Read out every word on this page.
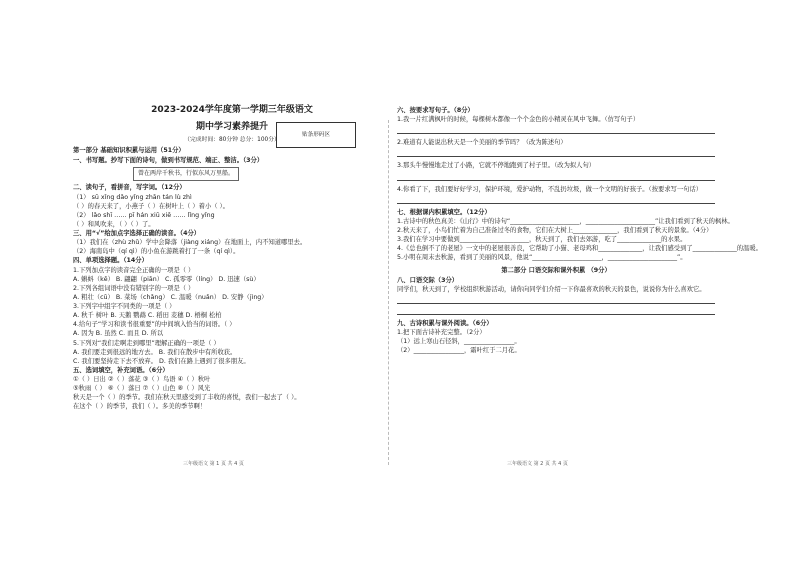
2023-2024学年度第一学期三年级语文
期中学习素养提升
（完成时间：80分钟 总分：100分）
贴条形码区
第一部分 基础知识积累与运用（51分）
一、书写题。抄写下面的诗句，做到书写规范、端正、整洁。（3分）
曾在两岸千秋书，行似东风万里船。
二、读句子，看拼音，写字词。（12分）
（1） sū xǐng dǎo yǐng zhān tán lù zhì
（ ）的春天来了，小燕子（ ）在树叶上（ ）着小（ ）。
（2） lǎo shī …… pī hán xiū xiē …… lǐng yǐng
（ ）和风吹来，（ ）（ ）了。
三、用“√”给加点字选择正确的读音。（4分）
（1）我们在（zhù zhǔ）学中会降落（jiàng xiáng）在地面上，内不知道哪里去。
（2）海南岛中（qí qì）的小鱼在游跳着打了一条（qí qì）。
四、单项选择题。（14分）
1.下列加点字的读音完全正确的一项是（ ）
A. 蝌蚪（kē） B. 翩翩（piān） C. 孤零零（líng） D. 迅速（sù）
2.下列各组词语中没有错别字的一项是（ ）
A. 粗壮（cū） B. 菜场（chǎng） C. 温暖（nuǎn） D. 安静（jìng）
3.下列字中组字不同类的一项是（ ）
A. 秋千 树叶 B. 天鹅 鹦鹉 C. 稻田 麦穗 D. 梧桐 松柏
4.给句子“学习和读书很重要”的中间填入恰当的词语。（ ）
A. 因为 B. 虽然 C. 而且 D. 所以
5.下列对“我们走啊走到哪里”理解正确的一项是（ ）
A. 我们要走到很远的地方去。 B. 我们在散步中有所收获。
C. 我们要坚持走下去不放弃。 D. 我们在路上遇到了很多朋友。
五、选词填空，补充词语。（6分）
①（ ）日出 ②（ ）落花 ③（ ）鸟语 ④（ ）秋叶
⑤秋雨（ ） ⑥（ ）落日 ⑦（ ）山色 ⑧（ ）风光
秋天是一个（ ）的季节。我们在秋天里感受到了丰收的喜悦，我们一起去了（ ）。
在这个（ ）的季节，我们（ ）。多美的季节啊！
三年级语文 第 1 页 共 4 页
六、按要求写句子。（8分）
1.我一片红满枫叶的时候，每棵树木都像一个个金色的小精灵在风中飞舞。（仿写句子）
2.难道有人能说出秋天是一个美丽的季节吗？（改为陈述句）
3.那头牛慢慢地走过了小路，它就不停地跑到了村子里。（改为拟人句）
4.你看了下，我们要好好学习，保护环境，爱护动物，不乱扔垃圾，做一个文明的好孩子。（按要求写一句话）
七、根据课内积累填空。（12分）
1.古诗中的秋色真美：《山行》中的诗句“______________________，______________________”让我们看到了秋天的枫林。
2.秋天来了，小鸟们忙着为自己准备过冬的食物，它们在大树上______________，我们看到了秋天的景象。（4分）
3.我们在学习中要做到______________________，秋天到了，我们去郊游，吃了______________的水果。
4.《总也倒不了的老屋》一文中的老屋很善良，它帮助了小猫、老母鸡和______________，让我们感受到了______________的温暖。
5.小明在周末去秋游，看到了美丽的风景，他说“______________________，______________________”。
第二部分 口语交际和课外积累 （9分）
八、口语交际（3分）
同学们，秋天到了，学校组织秋游活动，请你向同学们介绍一下你最喜欢的秋天的景色，说说你为什么喜欢它。
九、古诗积累与课外阅读。（6分）
1.把下面古诗补充完整。（2分）
（1）远上寒山石径斜，________________。
（2）________________，霜叶红于二月花。
三年级语文 第 2 页 共 4 页
